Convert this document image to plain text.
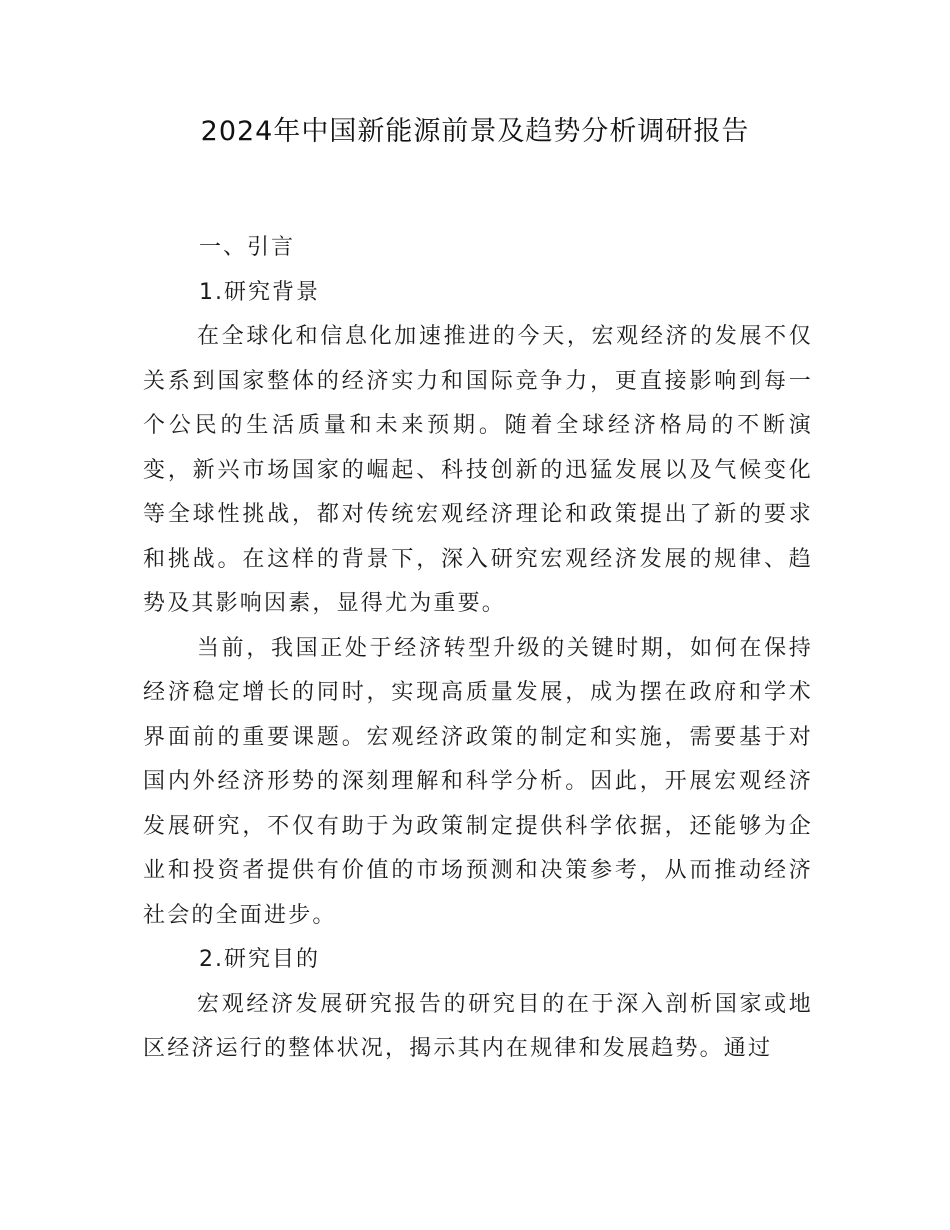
2024年中国新能源前景及趋势分析调研报告

一、引言

1.研究背景

在全球化和信息化加速推进的今天，宏观经济的发展不仅关系到国家整体的经济实力和国际竞争力，更直接影响到每一个公民的生活质量和未来预期。随着全球经济格局的不断演变，新兴市场国家的崛起、科技创新的迅猛发展以及气候变化等全球性挑战，都对传统宏观经济理论和政策提出了新的要求和挑战。在这样的背景下，深入研究宏观经济发展的规律、趋势及其影响因素，显得尤为重要。

当前，我国正处于经济转型升级的关键时期，如何在保持经济稳定增长的同时，实现高质量发展，成为摆在政府和学术界面前的重要课题。宏观经济政策的制定和实施，需要基于对国内外经济形势的深刻理解和科学分析。因此，开展宏观经济发展研究，不仅有助于为政策制定提供科学依据，还能够为企业和投资者提供有价值的市场预测和决策参考，从而推动经济社会的全面进步。

2.研究目的

宏观经济发展研究报告的研究目的在于深入剖析国家或地区经济运行的整体状况，揭示其内在规律和发展趋势。通过
